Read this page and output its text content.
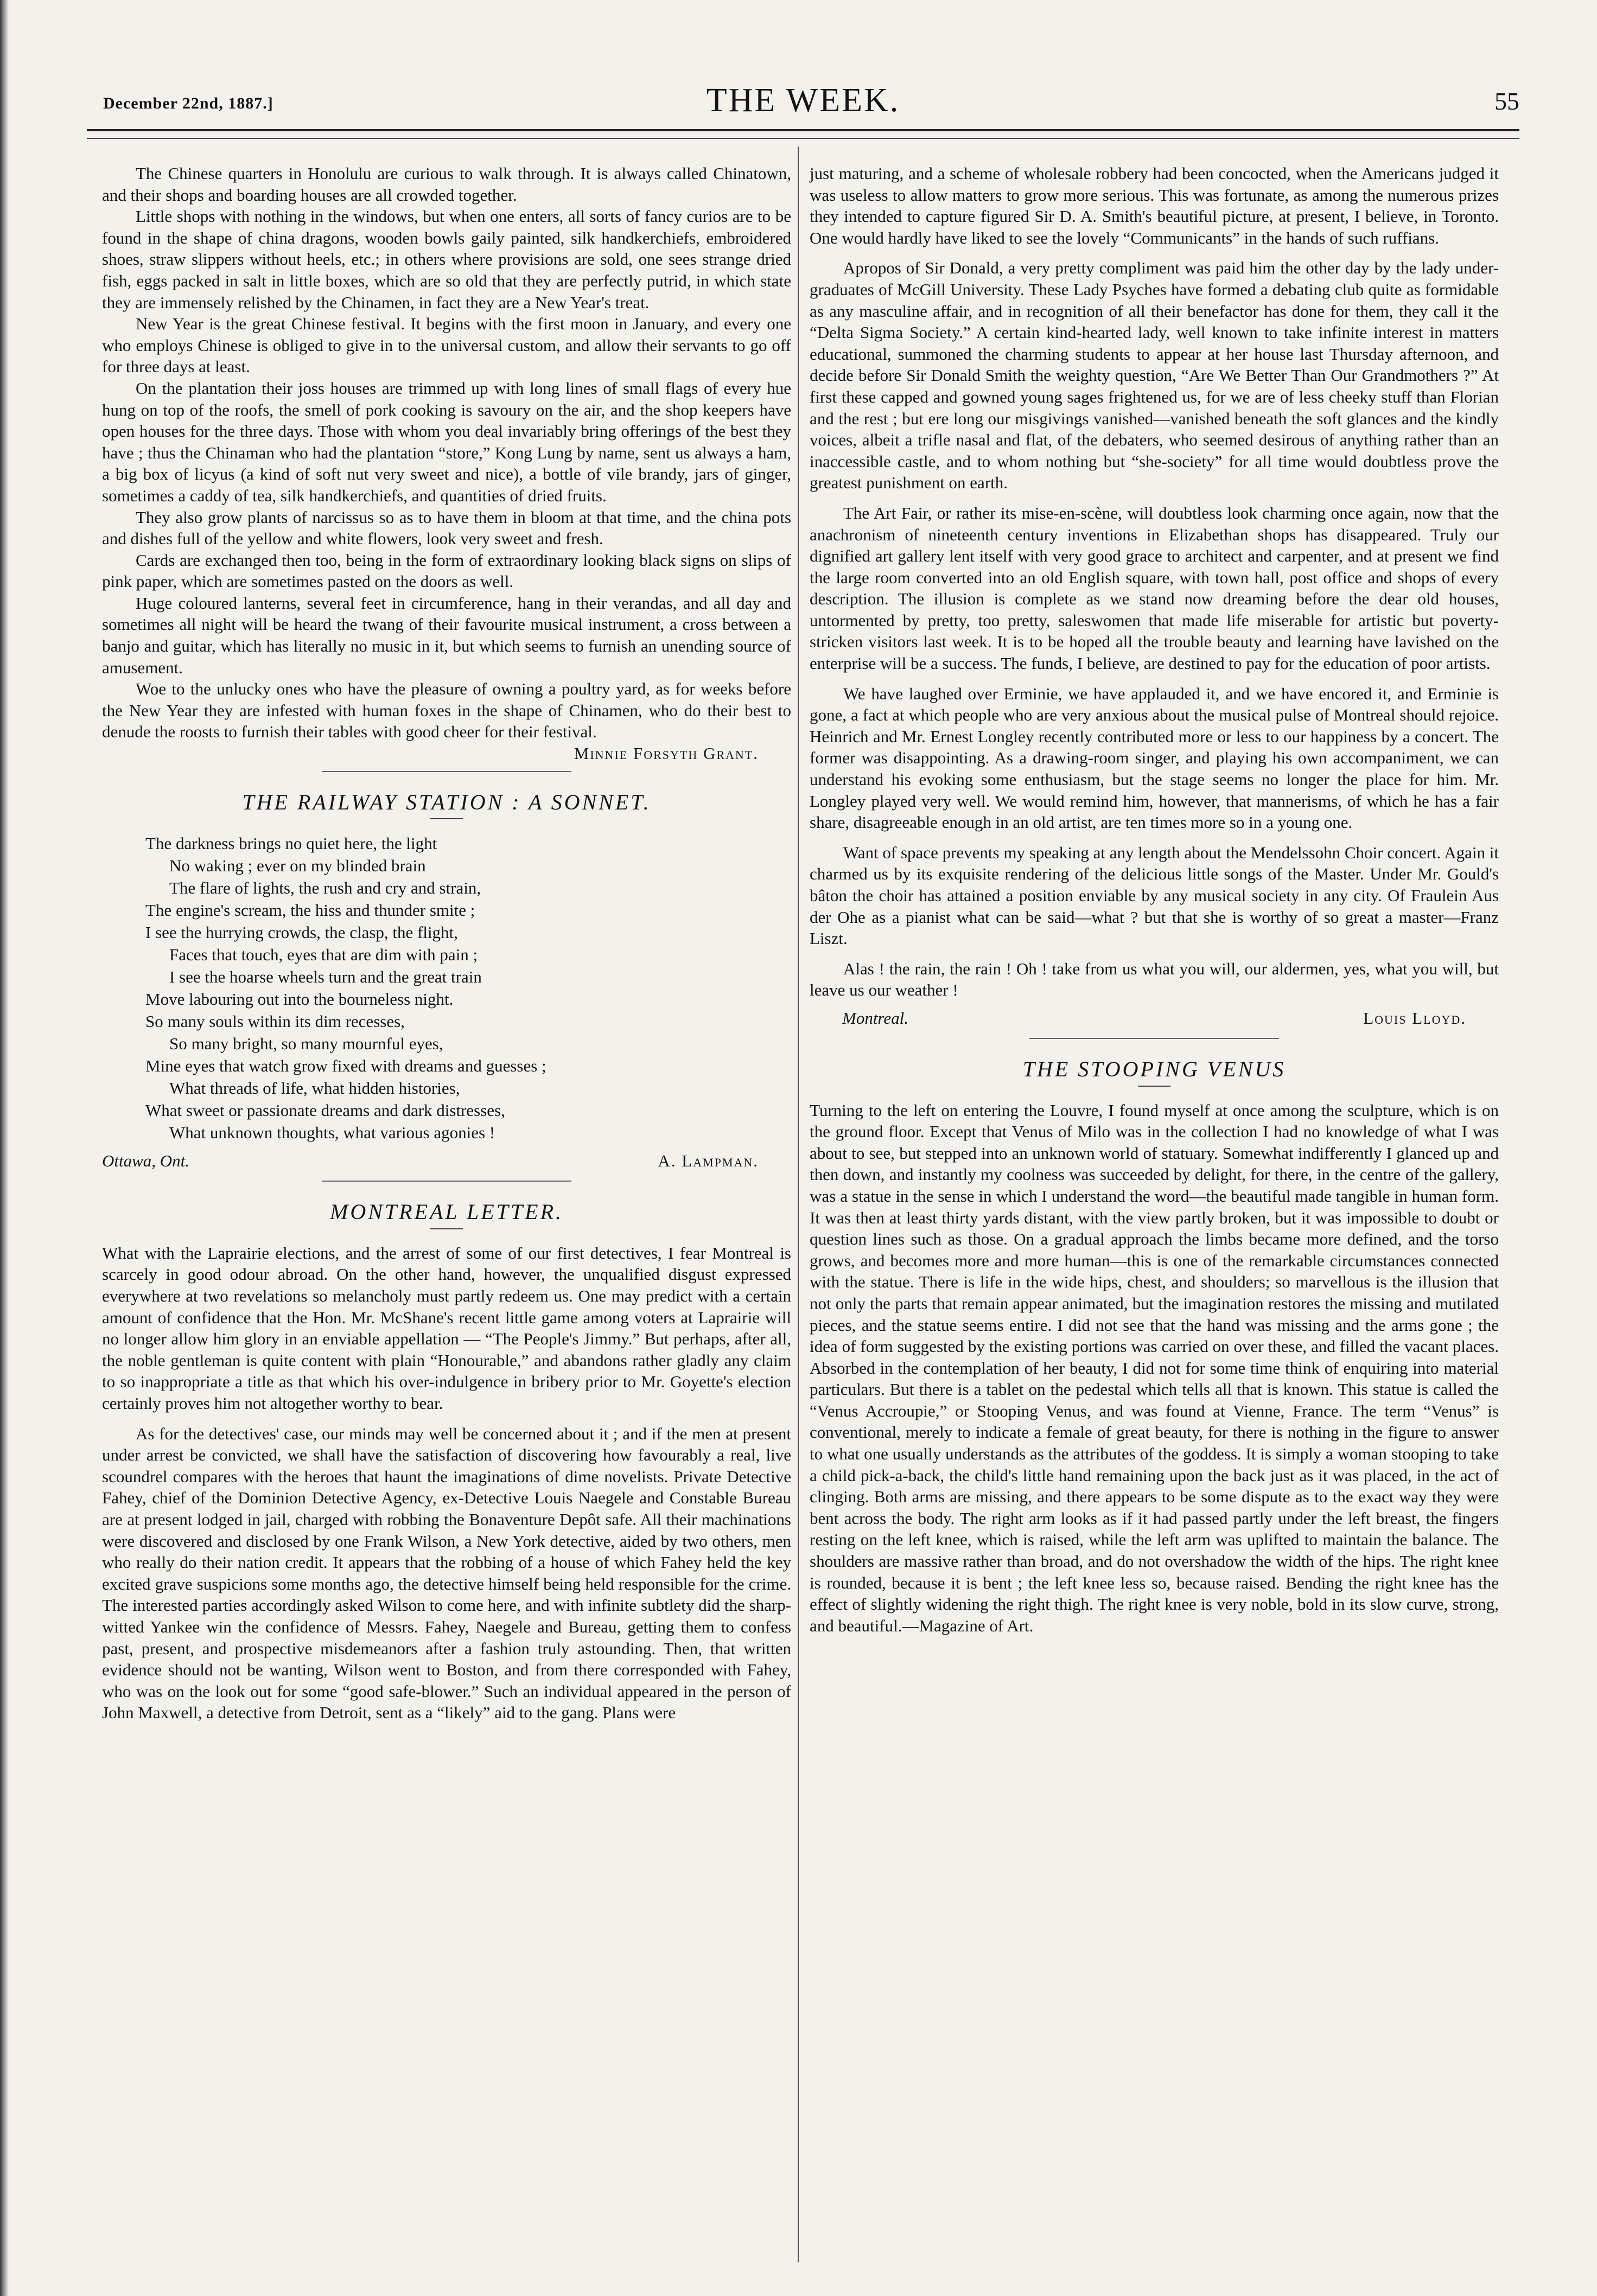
December 22nd, 1887.]	THE WEEK.	55

The Chinese quarters in Honolulu are curious to walk through. It is always called Chinatown, and their shops and boarding houses are all crowded together.

Little shops with nothing in the windows, but when one enters, all sorts of fancy curios are to be found in the shape of china dragons, wooden bowls gaily painted, silk handkerchiefs, embroidered shoes, straw slippers without heels, etc.; in others where provisions are sold, one sees strange dried fish, eggs packed in salt in little boxes, which are so old that they are perfectly putrid, in which state they are immensely relished by the Chinamen, in fact they are a New Year's treat.

New Year is the great Chinese festival. It begins with the first moon in January, and every one who employs Chinese is obliged to give in to the universal custom, and allow their servants to go off for three days at least.

On the plantation their joss houses are trimmed up with long lines of small flags of every hue hung on top of the roofs, the smell of pork cooking is savoury on the air, and the shop keepers have open houses for the three days. Those with whom you deal invariably bring offerings of the best they have ; thus the Chinaman who had the plantation “store,” Kong Lung by name, sent us always a ham, a big box of licyus (a kind of soft nut very sweet and nice), a bottle of vile brandy, jars of ginger, sometimes a caddy of tea, silk handkerchiefs, and quantities of dried fruits.

They also grow plants of narcissus so as to have them in bloom at that time, and the china pots and dishes full of the yellow and white flowers, look very sweet and fresh.

Cards are exchanged then too, being in the form of extraordinary looking black signs on slips of pink paper, which are sometimes pasted on the doors as well.

Huge coloured lanterns, several feet in circumference, hang in their verandas, and all day and sometimes all night will be heard the twang of their favourite musical instrument, a cross between a banjo and guitar, which has literally no music in it, but which seems to furnish an unending source of amusement.

Woe to the unlucky ones who have the pleasure of owning a poultry yard, as for weeks before the New Year they are infested with human foxes in the shape of Chinamen, who do their best to denude the roosts to furnish their tables with good cheer for their festival.

Minnie Forsyth Grant.
THE RAILWAY STATION : A SONNET.
The darkness brings no quiet here, the light
No waking ; ever on my blinded brain
The flare of lights, the rush and cry and strain,
The engine's scream, the hiss and thunder smite ;
I see the hurrying crowds, the clasp, the flight,
Faces that touch, eyes that are dim with pain ;
I see the hoarse wheels turn and the great train
Move labouring out into the bourneless night.
So many souls within its dim recesses,
So many bright, so many mournful eyes,
Mine eyes that watch grow fixed with dreams and guesses ;
What threads of life, what hidden histories,
What sweet or passionate dreams and dark distresses,
What unknown thoughts, what various agonies !
Ottawa, Ont.	A. Lampman.
MONTREAL LETTER.

What with the Laprairie elections, and the arrest of some of our first detectives, I fear Montreal is scarcely in good odour abroad. On the other hand, however, the unqualified disgust expressed everywhere at two revelations so melancholy must partly redeem us. One may predict with a certain amount of confidence that the Hon. Mr. McShane's recent little game among voters at Laprairie will no longer allow him glory in an enviable appellation — “The People's Jimmy.” But perhaps, after all, the noble gentleman is quite content with plain “Honourable,” and abandons rather gladly any claim to so inappropriate a title as that which his over-indulgence in bribery prior to Mr. Goyette's election certainly proves him not altogether worthy to bear.

As for the detectives' case, our minds may well be concerned about it ; and if the men at present under arrest be convicted, we shall have the satisfaction of discovering how favourably a real, live scoundrel compares with the heroes that haunt the imaginations of dime novelists. Private Detective Fahey, chief of the Dominion Detective Agency, ex-Detective Louis Naegele and Constable Bureau are at present lodged in jail, charged with robbing the Bonaventure Depôt safe. All their machinations were discovered and disclosed by one Frank Wilson, a New York detective, aided by two others, men who really do their nation credit. It appears that the robbing of a house of which Fahey held the key excited grave suspicions some months ago, the detective himself being held responsible for the crime. The interested parties accordingly asked Wilson to come here, and with infinite subtlety did the sharp-witted Yankee win the confidence of Messrs. Fahey, Naegele and Bureau, getting them to confess past, present, and prospective misdemeanors after a fashion truly astounding. Then, that written evidence should not be wanting, Wilson went to Boston, and from there corresponded with Fahey, who was on the look out for some “good safe-blower.” Such an individual appeared in the person of John Maxwell, a detective from Detroit, sent as a “likely” aid to the gang. Plans were

just maturing, and a scheme of wholesale robbery had been concocted, when the Americans judged it was useless to allow matters to grow more serious. This was fortunate, as among the numerous prizes they intended to capture figured Sir D. A. Smith's beautiful picture, at present, I believe, in Toronto. One would hardly have liked to see the lovely “Communicants” in the hands of such ruffians.

Apropos of Sir Donald, a very pretty compliment was paid him the other day by the lady under-graduates of McGill University. These Lady Psyches have formed a debating club quite as formidable as any masculine affair, and in recognition of all their benefactor has done for them, they call it the “Delta Sigma Society.” A certain kind-hearted lady, well known to take infinite interest in matters educational, summoned the charming students to appear at her house last Thursday afternoon, and decide before Sir Donald Smith the weighty question, “Are We Better Than Our Grandmothers ?” At first these capped and gowned young sages frightened us, for we are of less cheeky stuff than Florian and the rest ; but ere long our misgivings vanished—vanished beneath the soft glances and the kindly voices, albeit a trifle nasal and flat, of the debaters, who seemed desirous of anything rather than an inaccessible castle, and to whom nothing but “she-society” for all time would doubtless prove the greatest punishment on earth.

The Art Fair, or rather its mise-en-scène, will doubtless look charming once again, now that the anachronism of nineteenth century inventions in Elizabethan shops has disappeared. Truly our dignified art gallery lent itself with very good grace to architect and carpenter, and at present we find the large room converted into an old English square, with town hall, post office and shops of every description. The illusion is complete as we stand now dreaming before the dear old houses, untormented by pretty, too pretty, saleswomen that made life miserable for artistic but poverty-stricken visitors last week. It is to be hoped all the trouble beauty and learning have lavished on the enterprise will be a success. The funds, I believe, are destined to pay for the education of poor artists.

We have laughed over Erminie, we have applauded it, and we have encored it, and Erminie is gone, a fact at which people who are very anxious about the musical pulse of Montreal should rejoice. Heinrich and Mr. Ernest Longley recently contributed more or less to our happiness by a concert. The former was disappointing. As a drawing-room singer, and playing his own accompaniment, we can understand his evoking some enthusiasm, but the stage seems no longer the place for him. Mr. Longley played very well. We would remind him, however, that mannerisms, of which he has a fair share, disagreeable enough in an old artist, are ten times more so in a young one.

Want of space prevents my speaking at any length about the Mendelssohn Choir concert. Again it charmed us by its exquisite rendering of the delicious little songs of the Master. Under Mr. Gould's bâton the choir has attained a position enviable by any musical society in any city. Of Fraulein Aus der Ohe as a pianist what can be said—what ? but that she is worthy of so great a master—Franz Liszt.

Alas ! the rain, the rain ! Oh ! take from us what you will, our aldermen, yes, what you will, but leave us our weather !

Montreal.	Louis Lloyd.
THE STOOPING VENUS

Turning to the left on entering the Louvre, I found myself at once among the sculpture, which is on the ground floor. Except that Venus of Milo was in the collection I had no knowledge of what I was about to see, but stepped into an unknown world of statuary. Somewhat indifferently I glanced up and then down, and instantly my coolness was succeeded by delight, for there, in the centre of the gallery, was a statue in the sense in which I understand the word—the beautiful made tangible in human form. It was then at least thirty yards distant, with the view partly broken, but it was impossible to doubt or question lines such as those. On a gradual approach the limbs became more defined, and the torso grows, and becomes more and more human—this is one of the remarkable circumstances connected with the statue. There is life in the wide hips, chest, and shoulders; so marvellous is the illusion that not only the parts that remain appear animated, but the imagination restores the missing and mutilated pieces, and the statue seems entire. I did not see that the hand was missing and the arms gone ; the idea of form suggested by the existing portions was carried on over these, and filled the vacant places. Absorbed in the contemplation of her beauty, I did not for some time think of enquiring into material particulars. But there is a tablet on the pedestal which tells all that is known. This statue is called the “Venus Accroupie,” or Stooping Venus, and was found at Vienne, France. The term “Venus” is conventional, merely to indicate a female of great beauty, for there is nothing in the figure to answer to what one usually understands as the attributes of the goddess. It is simply a woman stooping to take a child pick-a-back, the child's little hand remaining upon the back just as it was placed, in the act of clinging. Both arms are missing, and there appears to be some dispute as to the exact way they were bent across the body. The right arm looks as if it had passed partly under the left breast, the fingers resting on the left knee, which is raised, while the left arm was uplifted to maintain the balance. The shoulders are massive rather than broad, and do not overshadow the width of the hips. The right knee is rounded, because it is bent ; the left knee less so, because raised. Bending the right knee has the effect of slightly widening the right thigh. The right knee is very noble, bold in its slow curve, strong, and beautiful.—Magazine of Art.
